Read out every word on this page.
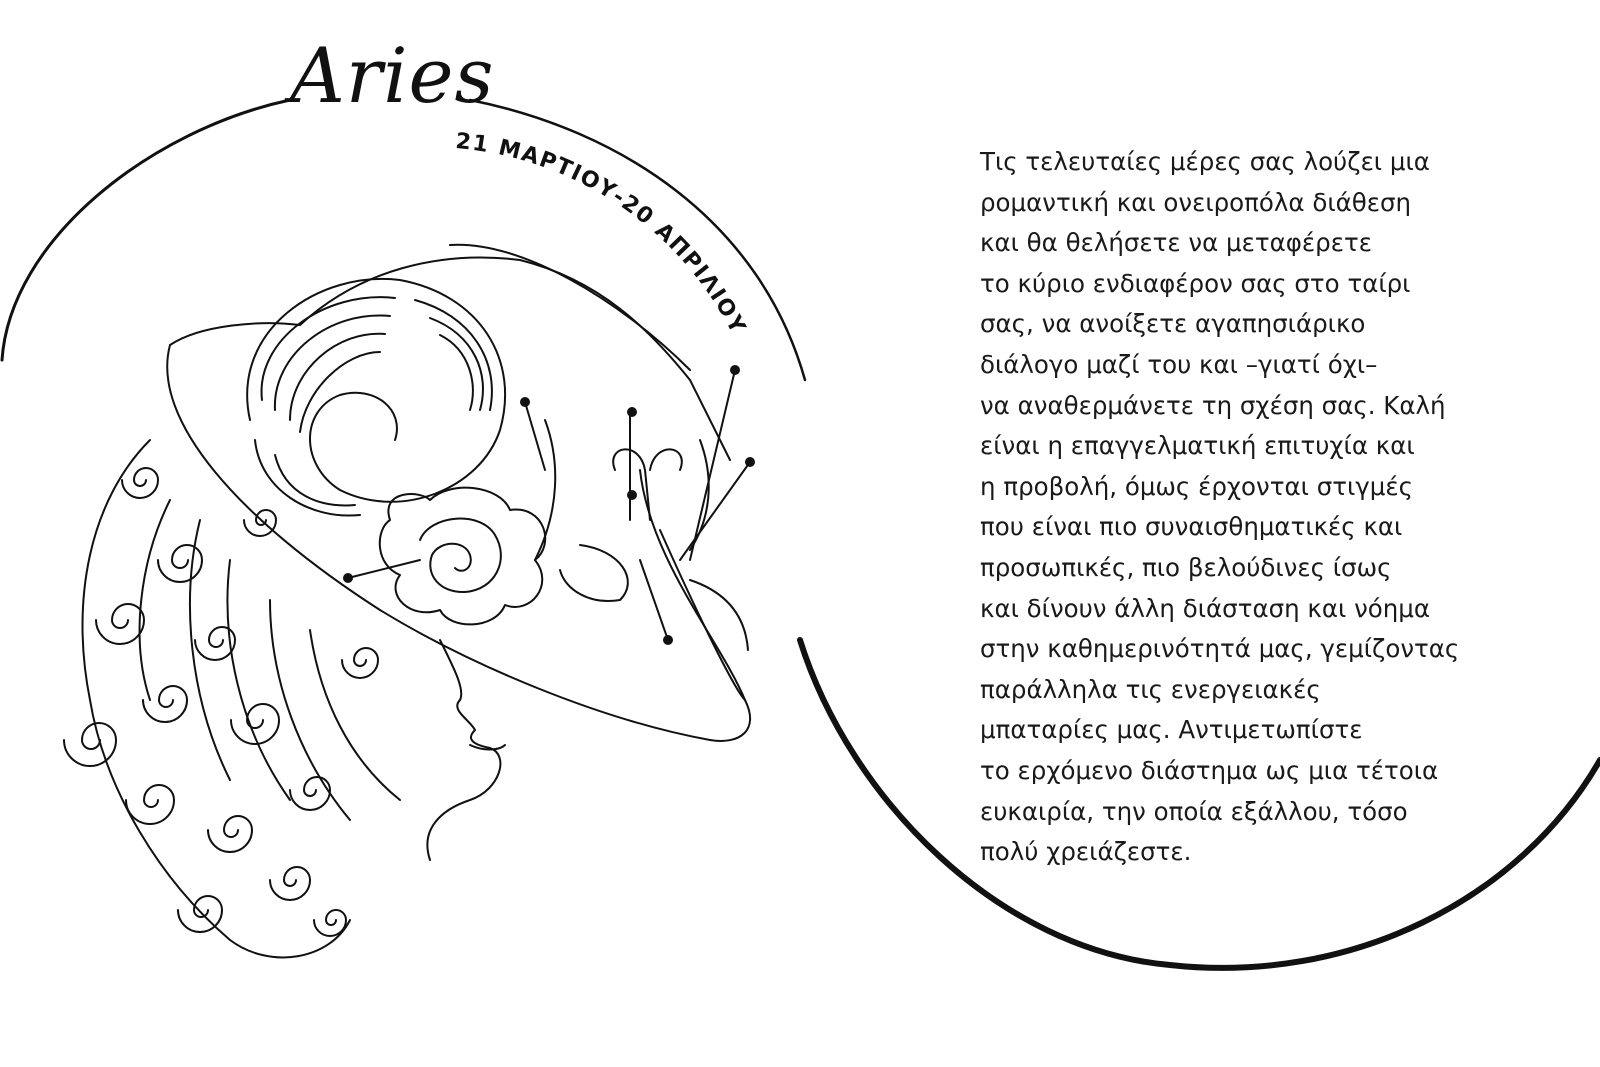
21 ΜΑΡΤΙΟΥ-20 ΑΠΡΙΛΙΟΥ
Aries

Τις τελευταίες μέρες σας λούζει μια
ρομαντική και ονειροπόλα διάθεση
και θα θελήσετε να μεταφέρετε
το κύριο ενδιαφέρον σας στο ταίρι
σας, να ανοίξετε αγαπησιάρικο
διάλογο μαζί του και –γιατί όχι–
να αναθερμάνετε τη σχέση σας. Καλή
είναι η επαγγελματική επιτυχία και
η προβολή, όμως έρχονται στιγμές
που είναι πιο συναισθηματικές και
προσωπικές, πιο βελούδινες ίσως
και δίνουν άλλη διάσταση και νόημα
στην καθημερινότητά μας, γεμίζοντας
παράλληλα τις ενεργειακές
μπαταρίες μας. Αντιμετωπίστε
το ερχόμενο διάστημα ως μια τέτοια
ευκαιρία, την οποία εξάλλου, τόσο
πολύ χρειάζεστε.
